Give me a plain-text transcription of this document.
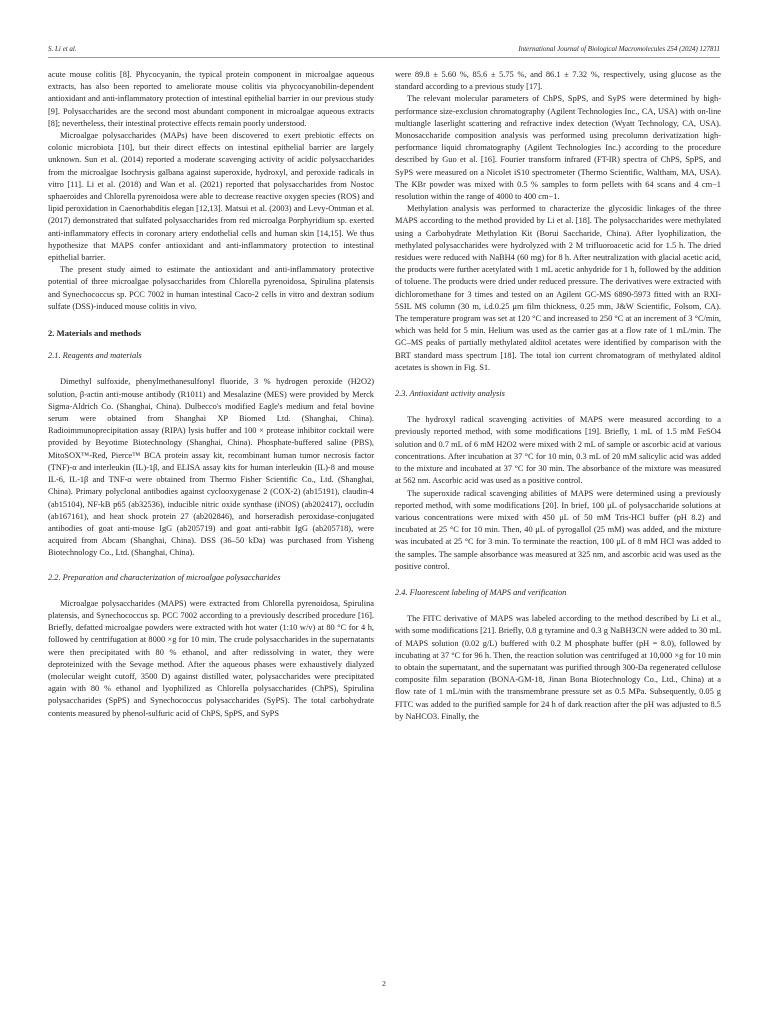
S. Li et al.	International Journal of Biological Macromolecules 254 (2024) 127811

acute mouse colitis [8]. Phycocyanin, the typical protein component in microalgae aqueous extracts, has also been reported to ameliorate mouse colitis via phycocyanobilin-dependent antioxidant and anti-inflammatory protection of intestinal epithelial barrier in our previous study [9]. Polysaccharides are the second most abundant component in microalgae aqueous extracts [8]; nevertheless, their intestinal protective effects remain poorly understood.

Microalgae polysaccharides (MAPs) have been discovered to exert prebiotic effects on colonic microbiota [10], but their direct effects on intestinal epithelial barrier are largely unknown. Sun et al. (2014) reported a moderate scavenging activity of acidic polysaccharides from the microalgae Isochrysis galbana against superoxide, hydroxyl, and peroxide radicals in vitro [11]. Li et al. (2018) and Wan et al. (2021) reported that polysaccharides from Nostoc sphaeroides and Chlorella pyrenoidosa were able to decrease reactive oxygen species (ROS) and lipid peroxidation in Caenorhabditis elegan [12,13]. Matsui et al. (2003) and Levy-Ontman et al. (2017) demonstrated that sulfated polysaccharides from red microalga Porphyridium sp. exerted anti-inflammatory effects in coronary artery endothelial cells and human skin [14,15]. We thus hypothesize that MAPS confer antioxidant and anti-inflammatory protection to intestinal epithelial barrier.

The present study aimed to estimate the antioxidant and anti-inflammatory protective potential of three microalgae polysaccharides from Chlorella pyrenoidosa, Spirulina platensis and Synechococcus sp. PCC 7002 in human intestinal Caco-2 cells in vitro and dextran sodium sulfate (DSS)-induced mouse colitis in vivo.

2. Materials and methods
2.1. Reagents and materials

Dimethyl sulfoxide, phenylmethanesulfonyl fluoride, 3 % hydrogen peroxide (H2O2) solution, β-actin anti-mouse antibody (R1011) and Mesalazine (MES) were provided by Merck Sigma-Aldrich Co. (Shanghai, China). Dulbecco's modified Eagle's medium and fetal bovine serum were obtained from Shanghai XP Biomed Ltd. (Shanghai, China). Radioimmunoprecipitation assay (RIPA) lysis buffer and 100 × protease inhibitor cocktail were provided by Beyotime Biotechnology (Shanghai, China). Phosphate-buffered saline (PBS), MitoSOX™-Red, Pierce™ BCA protein assay kit, recombinant human tumor necrosis factor (TNF)-α and interleukin (IL)-1β, and ELISA assay kits for human interleukin (IL)-8 and mouse IL-6, IL-1β and TNF-α were obtained from Thermo Fisher Scientific Co., Ltd. (Shanghai, China). Primary polyclonal antibodies against cyclooxygenase 2 (COX-2) (ab15191), claudin-4 (ab15104), NF-kB p65 (ab32536), inducible nitric oxide synthase (iNOS) (ab202417), occludin (ab167161), and heat shock protein 27 (ab202846), and horseradish peroxidase-conjugated antibodies of goat anti-mouse IgG (ab205719) and goat anti-rabbit IgG (ab205718), were acquired from Abcam (Shanghai, China). DSS (36–50 kDa) was purchased from Yisheng Biotechnology Co., Ltd. (Shanghai, China).

2.2. Preparation and characterization of microalgae polysaccharides

Microalgae polysaccharides (MAPS) were extracted from Chlorella pyrenoidosa, Spirulina platensis, and Synechococcus sp. PCC 7002 according to a previously described procedure [16]. Briefly, defatted microalgae powders were extracted with hot water (1:10 w/v) at 80 °C for 4 h, followed by centrifugation at 8000 ×g for 10 min. The crude polysaccharides in the supernatants were then precipitated with 80 % ethanol, and after redissolving in water, they were deproteinized with the Sevage method. After the aqueous phases were exhaustively dialyzed (molecular weight cutoff, 3500 D) against distilled water, polysaccharides were precipitated again with 80 % ethanol and lyophilized as Chlorella polysaccharides (ChPS), Spirulina polysaccharides (SpPS) and Synechococcus polysaccharides (SyPS). The total carbohydrate contents measured by phenol-sulfuric acid of ChPS, SpPS, and SyPS

were 89.8 ± 5.60 %, 85.6 ± 5.75 %, and 86.1 ± 7.32 %, respectively, using glucose as the standard according to a previous study [17].

The relevant molecular parameters of ChPS, SpPS, and SyPS were determined by high-performance size-exclusion chromatography (Agilent Technologies Inc., CA, USA) with on-line multiangle laserlight scattering and refractive index detection (Wyatt Technology, CA, USA). Monosaccharide composition analysis was performed using precolumn derivatization high-performance liquid chromatography (Agilent Technologies Inc.) according to the procedure described by Guo et al. [16]. Fourier transform infrared (FT-IR) spectra of ChPS, SpPS, and SyPS were measured on a Nicolet iS10 spectrometer (Thermo Scientific, Waltham, MA, USA). The KBr powder was mixed with 0.5 % samples to form pellets with 64 scans and 4 cm−1 resolution within the range of 4000 to 400 cm−1.

Methylation analysis was performed to characterize the glycosidic linkages of the three MAPS according to the method provided by Li et al. [18]. The polysaccharides were methylated using a Carbohydrate Methylation Kit (Borui Saccharide, China). After lyophilization, the methylated polysaccharides were hydrolyzed with 2 M trifluoroacetic acid for 1.5 h. The dried residues were reduced with NaBH4 (60 mg) for 8 h. After neutralization with glacial acetic acid, the products were further acetylated with 1 mL acetic anhydride for 1 h, followed by the addition of toluene. The products were dried under reduced pressure. The derivatives were extracted with dichloromethane for 3 times and tested on an Agilent GC-MS 6890-5973 fitted with an RXI-5SIL MS column (30 m, i.d.0.25 μm film thickness, 0.25 mm, J&W Scientific, Folsom, CA). The temperature program was set at 120 °C and increased to 250 °C at an increment of 3 °C/min, which was held for 5 min. Helium was used as the carrier gas at a flow rate of 1 mL/min. The GC–MS peaks of partially methylated alditol acetates were identified by comparison with the BRT standard mass spectrum [18]. The total ion current chromatogram of methylated alditol acetates is shown in Fig. S1.

2.3. Antioxidant activity analysis

The hydroxyl radical scavenging activities of MAPS were measured according to a previously reported method, with some modifications [19]. Briefly, 1 mL of 1.5 mM FeSO4 solution and 0.7 mL of 6 mM H2O2 were mixed with 2 mL of sample or ascorbic acid at various concentrations. After incubation at 37 °C for 10 min, 0.3 mL of 20 mM salicylic acid was added to the mixture and incubated at 37 °C for 30 min. The absorbance of the mixture was measured at 562 nm. Ascorbic acid was used as a positive control.

The superoxide radical scavenging abilities of MAPS were determined using a previously reported method, with some modifications [20]. In brief, 100 μL of polysaccharide solutions at various concentrations were mixed with 450 μL of 50 mM Tris-HCl buffer (pH 8.2) and incubated at 25 °C for 10 min. Then, 40 μL of pyrogallol (25 mM) was added, and the mixture was incubated at 25 °C for 3 min. To terminate the reaction, 100 μL of 8 mM HCl was added to the samples. The sample absorbance was measured at 325 nm, and ascorbic acid was used as the positive control.

2.4. Fluorescent labeling of MAPS and verification

The FITC derivative of MAPS was labeled according to the method described by Li et al., with some modifications [21]. Briefly, 0.8 g tyramine and 0.3 g NaBH3CN were added to 30 mL of MAPS solution (0.02 g/L) buffered with 0.2 M phosphate buffer (pH = 8.0), followed by incubating at 37 °C for 96 h. Then, the reaction solution was centrifuged at 10,000 ×g for 10 min to obtain the supernatant, and the supernatant was purified through 300-Da regenerated cellulose composite film separation (BONA-GM-18, Jinan Bona Biotechnology Co., Ltd., China) at a flow rate of 1 mL/min with the transmembrane pressure set as 0.5 MPa. Subsequently, 0.05 g FITC was added to the purified sample for 24 h of dark reaction after the pH was adjusted to 8.5 by NaHCO3. Finally, the

2
